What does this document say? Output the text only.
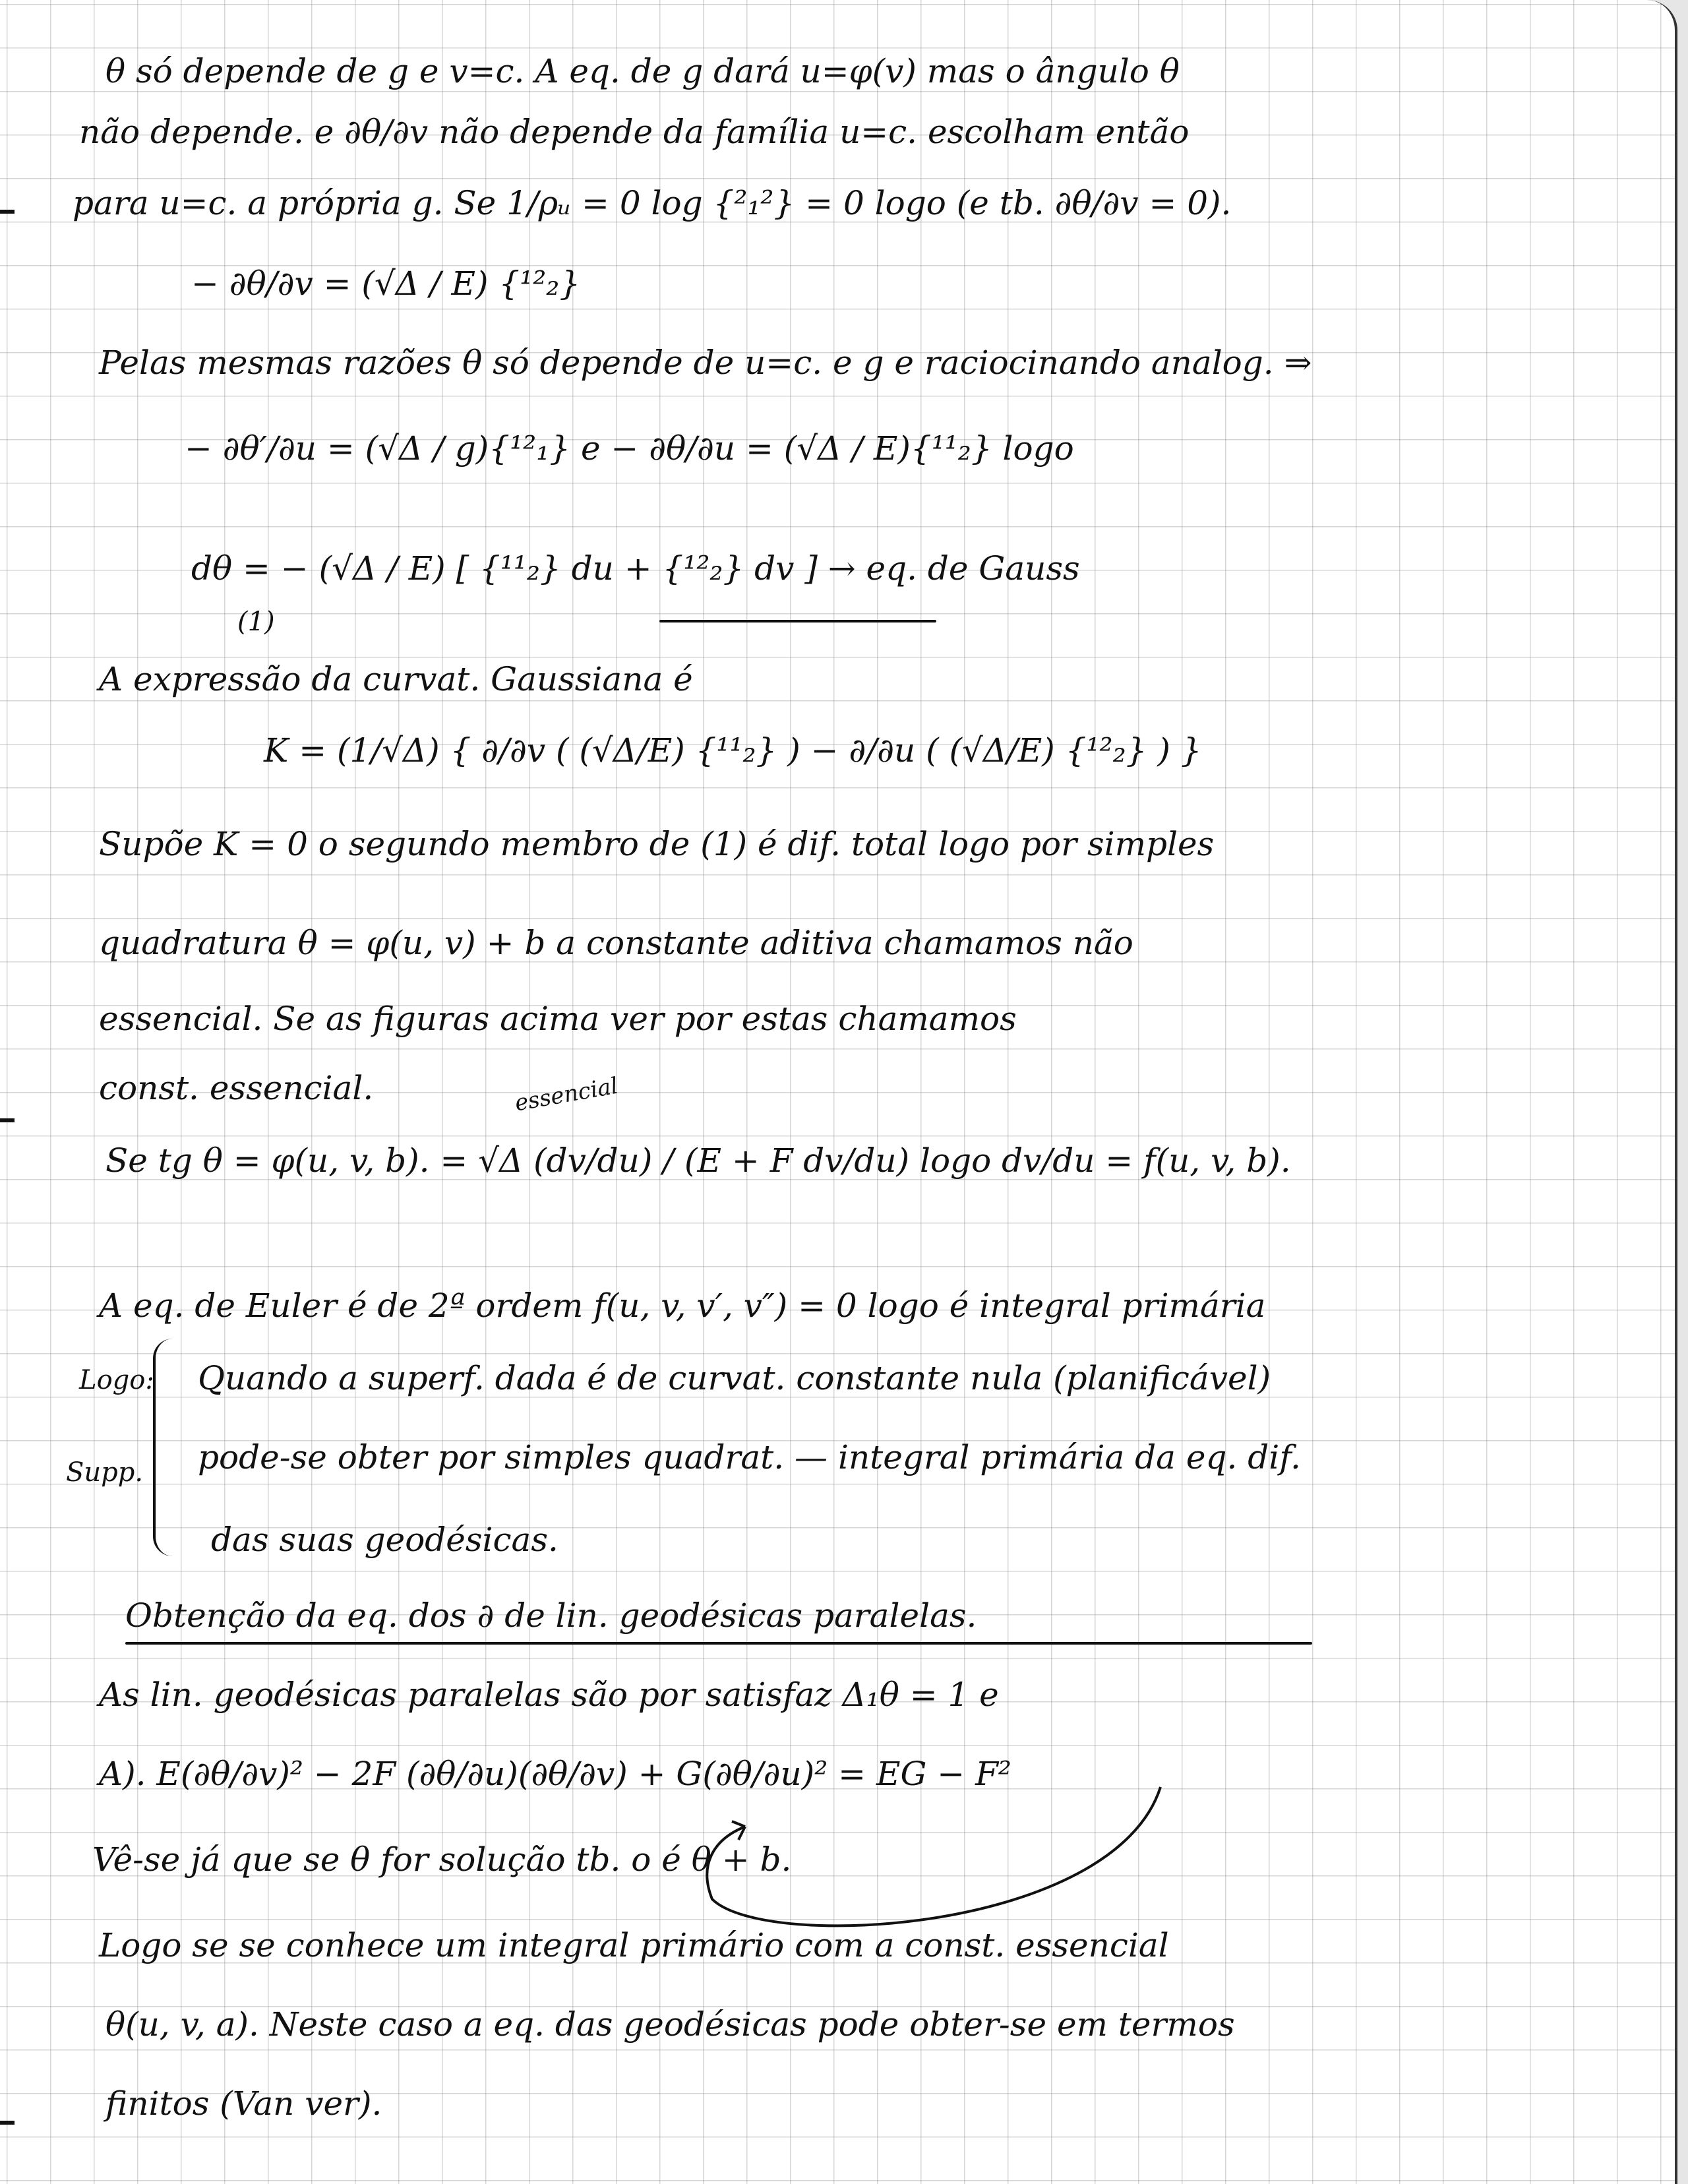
θ só depende de g e v=c. A eq. de g dará u=φ(v) mas o ângulo θ
não depende. e ∂θ/∂v não depende da família u=c. escolham então
para u=c. a própria g. Se 1/ρᵤ = 0 log {²₁²} = 0 logo (e tb. ∂θ/∂v = 0).
− ∂θ/∂v = (√Δ / E) {¹²₂}
Pelas mesmas razões θ só depende de u=c. e g e raciocinando analog. ⇒
− ∂θ′/∂u = (√Δ / g){¹²₁} e − ∂θ/∂u = (√Δ / E){¹¹₂} logo
dθ = − (√Δ / E) [ {¹¹₂} du + {¹²₂} dv ] → eq. de Gauss
(1)
A expressão da curvat. Gaussiana é
K = (1/√Δ) { ∂/∂v ( (√Δ/E) {¹¹₂} ) − ∂/∂u ( (√Δ/E) {¹²₂} ) }
Supõe K = 0 o segundo membro de (1) é dif. total logo por simples
quadratura θ = φ(u, v) + b a constante aditiva chamamos não
essencial. Se as figuras acima ver por estas chamamos
const. essencial.	essencial
Se tg θ = φ(u, v, b). = √Δ (dv/du) / (E + F dv/du) logo dv/du = f(u, v, b).
A eq. de Euler é de 2ª ordem f(u, v, v′, v″) = 0 logo é integral primária
Logo:
Supp.
Quando a superf. dada é de curvat. constante nula (planificável)
pode-se obter por simples quadrat. — integral primária da eq. dif.
das suas geodésicas.
Obtenção da eq. dos ∂ de lin. geodésicas paralelas.
As lin. geodésicas paralelas são por satisfaz Δ₁θ = 1 e
A). E(∂θ/∂v)² − 2F (∂θ/∂u)(∂θ/∂v) + G(∂θ/∂u)² = EG − F²
Vê-se já que se θ for solução tb. o é θ + b.
Logo se se conhece um integral primário com a const. essencial
θ(u, v, a). Neste caso a eq. das geodésicas pode obter-se em termos
finitos (Van ver).
